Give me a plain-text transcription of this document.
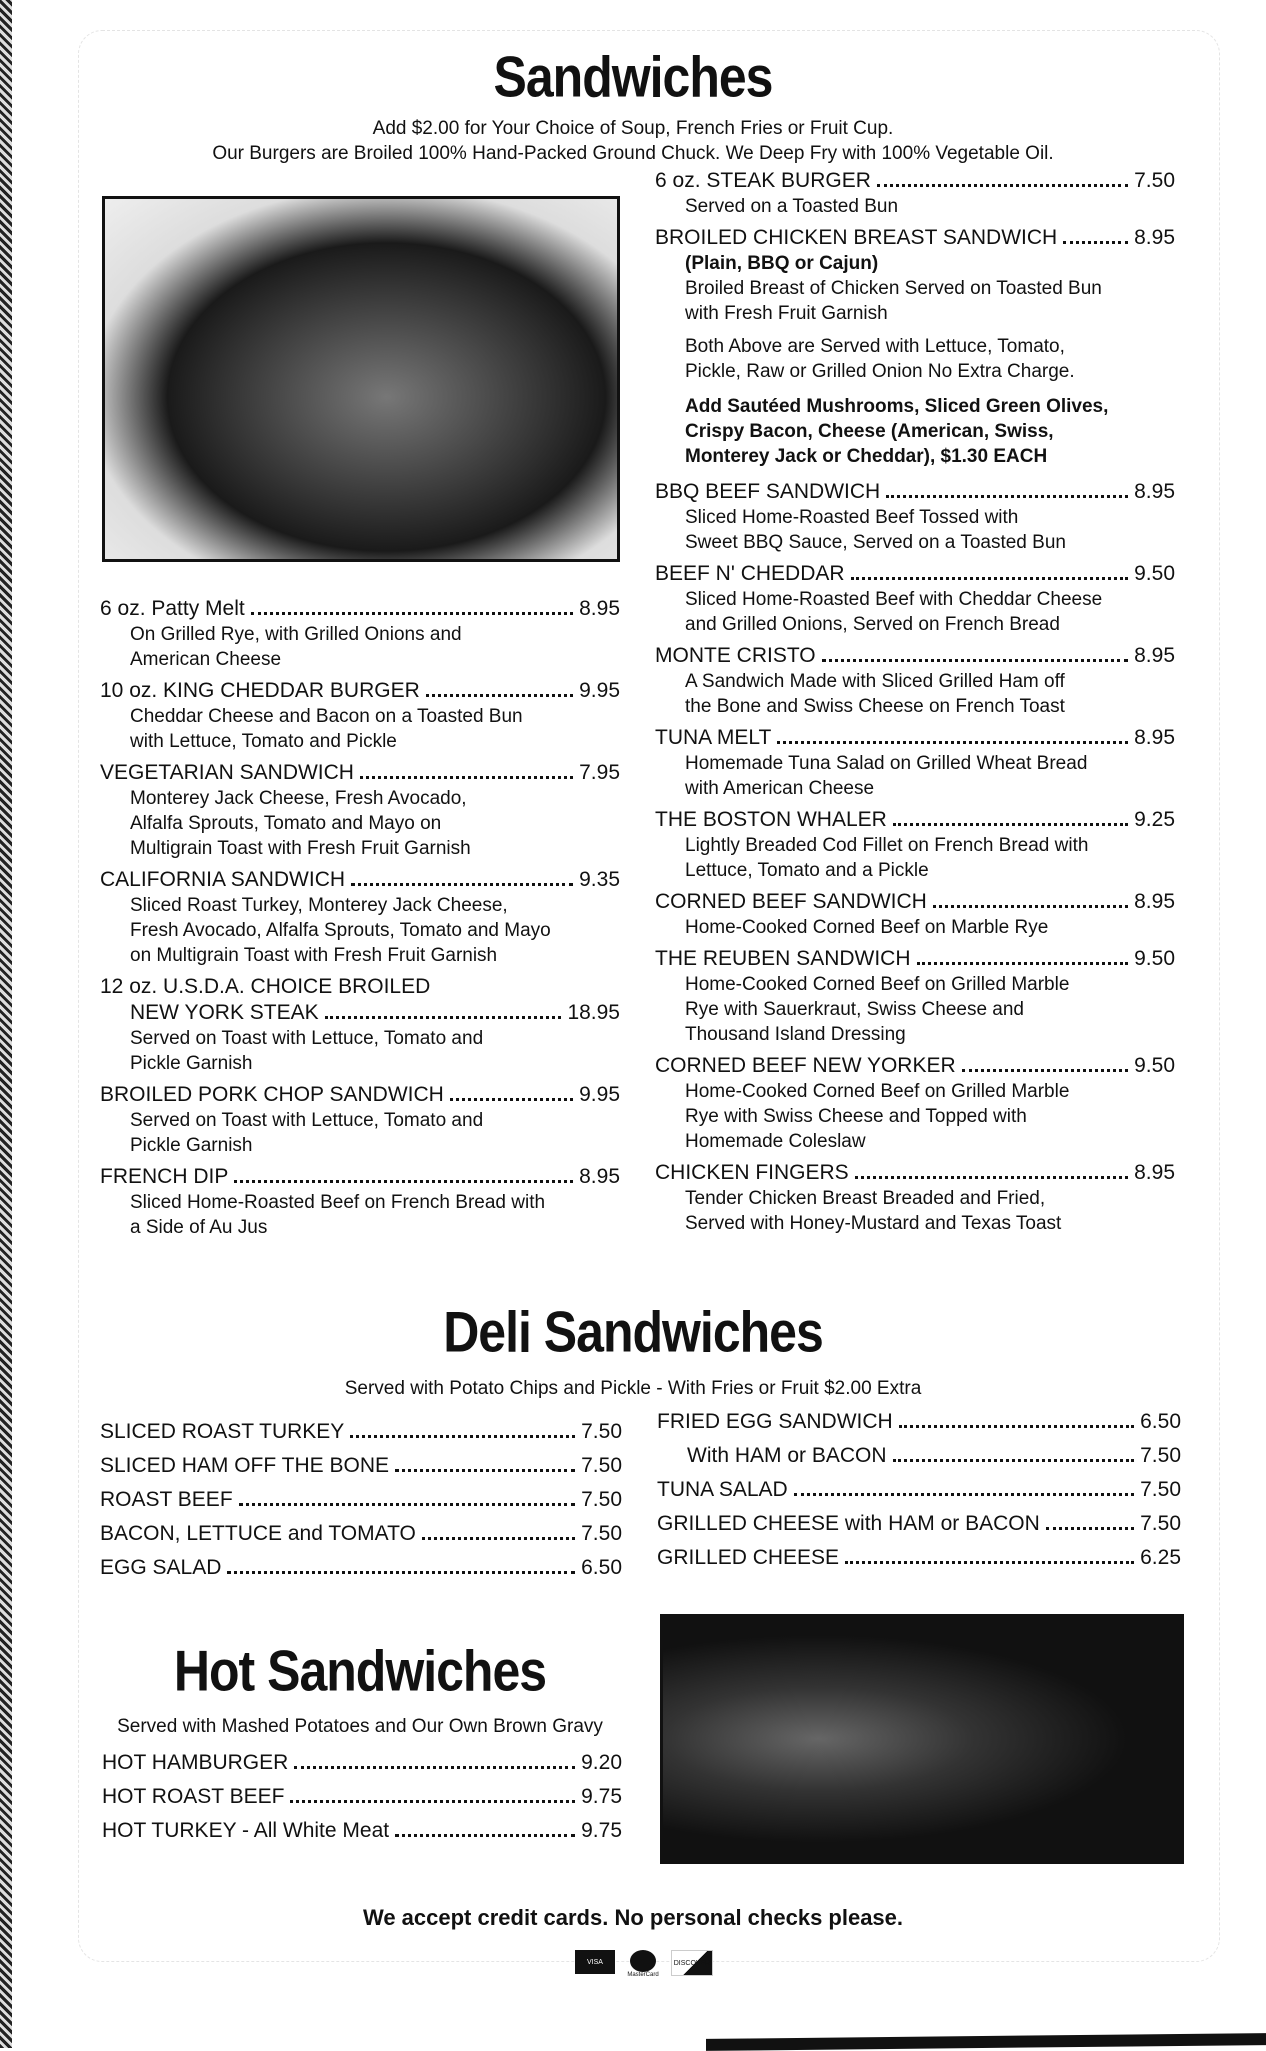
Sandwiches
Add $2.00 for Your Choice of Soup, French Fries or Fruit Cup.
Our Burgers are Broiled 100% Hand-Packed Ground Chuck. We Deep Fry with 100% Vegetable Oil.
6 oz. Patty Melt	8.95
On Grilled Rye, with Grilled Onions and
American Cheese
10 oz. KING CHEDDAR BURGER	9.95
Cheddar Cheese and Bacon on a Toasted Bun
with Lettuce, Tomato and Pickle
VEGETARIAN SANDWICH	7.95
Monterey Jack Cheese, Fresh Avocado,
Alfalfa Sprouts, Tomato and Mayo on
Multigrain Toast with Fresh Fruit Garnish
CALIFORNIA SANDWICH	9.35
Sliced Roast Turkey, Monterey Jack Cheese,
Fresh Avocado, Alfalfa Sprouts, Tomato and Mayo
on Multigrain Toast with Fresh Fruit Garnish
12 oz. U.S.D.A. CHOICE BROILED
NEW YORK STEAK	18.95
Served on Toast with Lettuce, Tomato and
Pickle Garnish
BROILED PORK CHOP SANDWICH	9.95
Served on Toast with Lettuce, Tomato and
Pickle Garnish
FRENCH DIP	8.95
Sliced Home-Roasted Beef on French Bread with
a Side of Au Jus
6 oz. STEAK BURGER	7.50
Served on a Toasted Bun
BROILED CHICKEN BREAST SANDWICH	8.95
(Plain, BBQ or Cajun)
Broiled Breast of Chicken Served on Toasted Bun
with Fresh Fruit Garnish
Both Above are Served with Lettuce, Tomato,
Pickle, Raw or Grilled Onion No Extra Charge.
Add Sautéed Mushrooms, Sliced Green Olives,
Crispy Bacon, Cheese (American, Swiss,
Monterey Jack or Cheddar), $1.30 EACH
BBQ BEEF SANDWICH	8.95
Sliced Home-Roasted Beef Tossed with
Sweet BBQ Sauce, Served on a Toasted Bun
BEEF N' CHEDDAR	9.50
Sliced Home-Roasted Beef with Cheddar Cheese
and Grilled Onions, Served on French Bread
MONTE CRISTO	8.95
A Sandwich Made with Sliced Grilled Ham off
the Bone and Swiss Cheese on French Toast
TUNA MELT	8.95
Homemade Tuna Salad on Grilled Wheat Bread
with American Cheese
THE BOSTON WHALER	9.25
Lightly Breaded Cod Fillet on French Bread with
Lettuce, Tomato and a Pickle
CORNED BEEF SANDWICH	8.95
Home-Cooked Corned Beef on Marble Rye
THE REUBEN SANDWICH	9.50
Home-Cooked Corned Beef on Grilled Marble
Rye with Sauerkraut, Swiss Cheese and
Thousand Island Dressing
CORNED BEEF NEW YORKER	9.50
Home-Cooked Corned Beef on Grilled Marble
Rye with Swiss Cheese and Topped with
Homemade Coleslaw
CHICKEN FINGERS	8.95
Tender Chicken Breast Breaded and Fried,
Served with Honey-Mustard and Texas Toast
Deli Sandwiches
Served with Potato Chips and Pickle - With Fries or Fruit $2.00 Extra
SLICED ROAST TURKEY	7.50
SLICED HAM OFF THE BONE	7.50
ROAST BEEF	7.50
BACON, LETTUCE and TOMATO	7.50
EGG SALAD	6.50
FRIED EGG SANDWICH	6.50
With HAM or BACON	7.50
TUNA SALAD	7.50
GRILLED CHEESE with HAM or BACON	7.50
GRILLED CHEESE	6.25
Hot Sandwiches
Served with Mashed Potatoes and Our Own Brown Gravy
HOT HAMBURGER	9.20
HOT ROAST BEEF	9.75
HOT TURKEY - All White Meat	9.75
We accept credit cards. No personal checks please.
VISA
MasterCard
DISCOVER
